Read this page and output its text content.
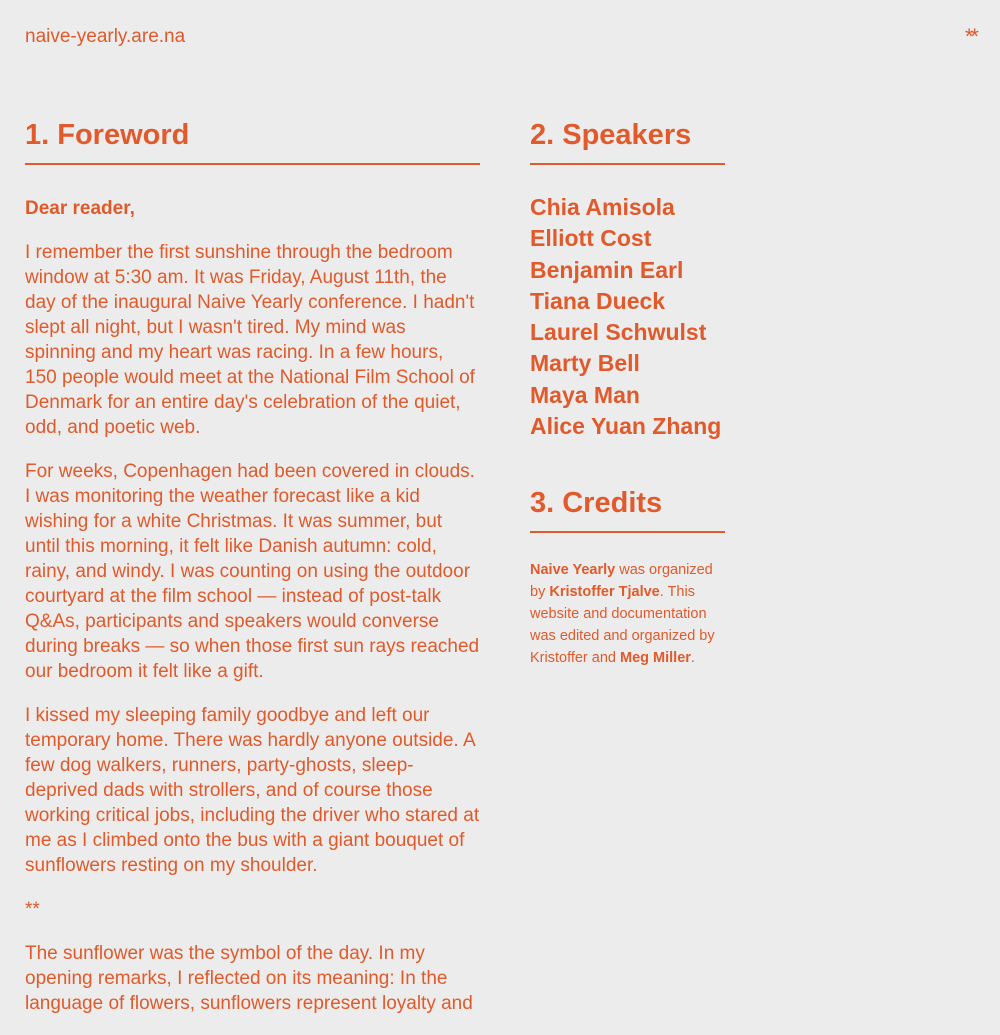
naive-yearly.are.na	**
1. Foreword

Dear reader,

I remember the first sunshine through the bedroom window at 5:30 am. It was Friday, August 11th, the day of the inaugural Naive Yearly conference. I hadn't slept all night, but I wasn't tired. My mind was spinning and my heart was racing. In a few hours, 150 people would meet at the National Film School of Denmark for an entire day's celebration of the quiet, odd, and poetic web.

For weeks, Copenhagen had been covered in clouds. I was monitoring the weather forecast like a kid wishing for a white Christmas. It was summer, but until this morning, it felt like Danish autumn: cold, rainy, and windy. I was counting on using the outdoor courtyard at the film school — instead of post-talk Q&As, participants and speakers would converse during breaks — so when those first sun rays reached our bedroom it felt like a gift.

I kissed my sleeping family goodbye and left our temporary home. There was hardly anyone outside. A few dog walkers, runners, party-ghosts, sleep-deprived dads with strollers, and of course those working critical jobs, including the driver who stared at me as I climbed onto the bus with a giant bouquet of sunflowers resting on my shoulder.

**

The sunflower was the symbol of the day. In my opening remarks, I reflected on its meaning: In the language of flowers, sunflowers represent loyalty and

2. Speakers
Chia Amisola
Elliott Cost
Benjamin Earl
Tiana Dueck
Laurel Schwulst
Marty Bell
Maya Man
Alice Yuan Zhang
3. Credits
Naive Yearly was organized by Kristoffer Tjalve. This website and documentation was edited and organized by Kristoffer and Meg Miller.
